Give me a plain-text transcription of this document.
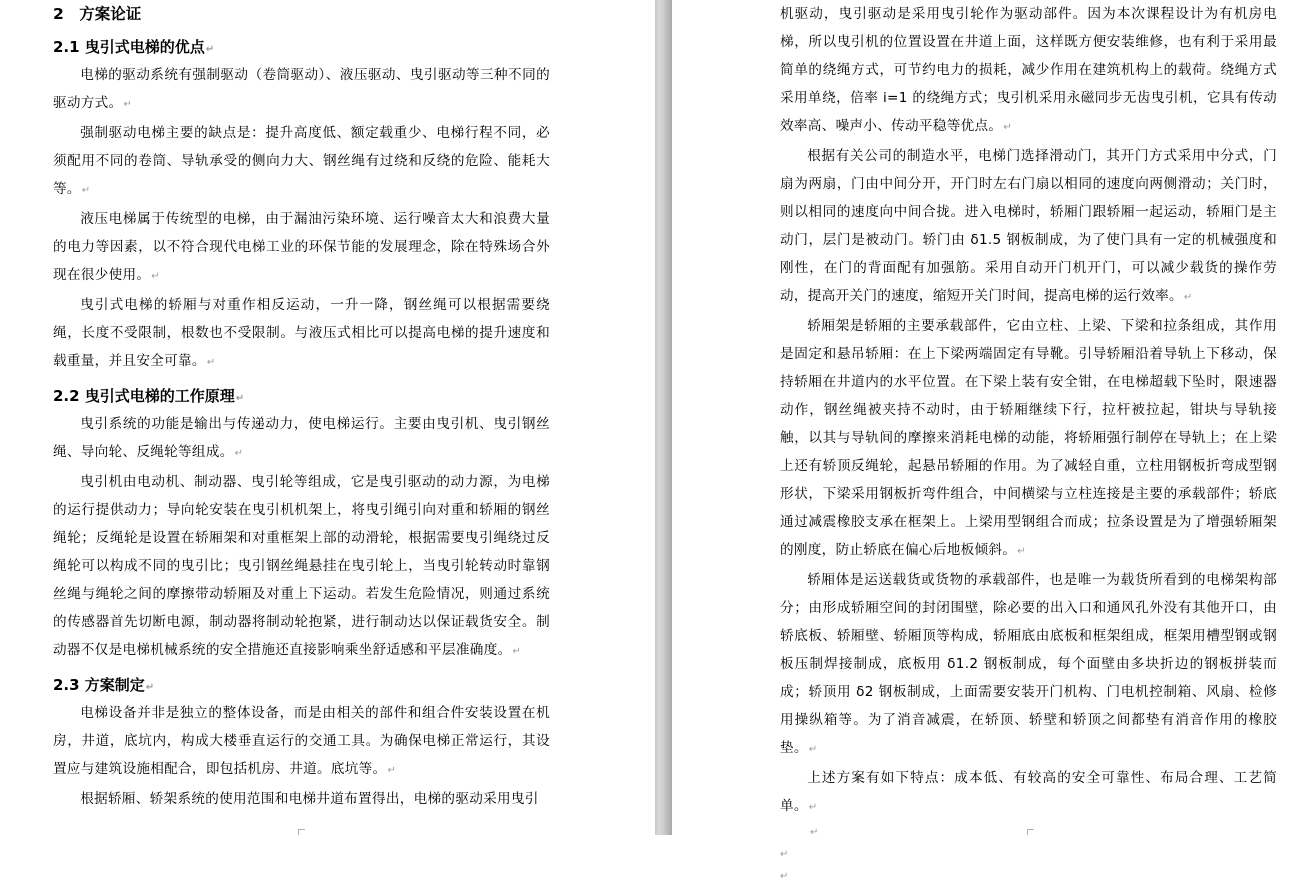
2　方案论证
2.1 曳引式电梯的优点↵

电梯的驱动系统有强制驱动（卷筒驱动）、液压驱动、曳引驱动等三种不同的驱动方式。↵

强制驱动电梯主要的缺点是：提升高度低、额定载重少、电梯行程不同，必须配用不同的卷筒、导轨承受的侧向力大、钢丝绳有过绕和反绕的危险、能耗大等。↵

液压电梯属于传统型的电梯，由于漏油污染环境、运行噪音太大和浪费大量的电力等因素，以不符合现代电梯工业的环保节能的发展理念，除在特殊场合外现在很少使用。↵

曳引式电梯的轿厢与对重作相反运动，一升一降，钢丝绳可以根据需要绕绳，长度不受限制，根数也不受限制。与液压式相比可以提高电梯的提升速度和载重量，并且安全可靠。↵

2.2 曳引式电梯的工作原理↵

曳引系统的功能是输出与传递动力，使电梯运行。主要由曳引机、曳引钢丝绳、导向轮、反绳轮等组成。↵

曳引机由电动机、制动器、曳引轮等组成，它是曳引驱动的动力源，为电梯的运行提供动力；导向轮安装在曳引机机架上，将曳引绳引向对重和轿厢的钢丝绳轮；反绳轮是设置在轿厢架和对重框架上部的动滑轮，根据需要曳引绳绕过反绳轮可以构成不同的曳引比；曳引钢丝绳悬挂在曳引轮上，当曳引轮转动时靠钢丝绳与绳轮之间的摩擦带动轿厢及对重上下运动。若发生危险情况，则通过系统的传感器首先切断电源，制动器将制动轮抱紧，进行制动达以保证载货安全。制动器不仅是电梯机械系统的安全措施还直接影响乘坐舒适感和平层准确度。↵

2.3 方案制定↵

电梯设备并非是独立的整体设备，而是由相关的部件和组合件安装设置在机房，井道，底坑内，构成大楼垂直运行的交通工具。为确保电梯正常运行，其设置应与建筑设施相配合，即包括机房、井道。底坑等。↵

根据轿厢、轿架系统的使用范围和电梯井道布置得出，电梯的驱动采用曳引

机驱动，曳引驱动是采用曳引轮作为驱动部件。因为本次课程设计为有机房电梯，所以曳引机的位置设置在井道上面，这样既方便安装维修，也有利于采用最简单的绕绳方式，可节约电力的损耗，减少作用在建筑机构上的载荷。绕绳方式采用单绕，倍率 i=1 的绕绳方式；曳引机采用永磁同步无齿曳引机，它具有传动效率高、噪声小、传动平稳等优点。↵

根据有关公司的制造水平，电梯门选择滑动门，其开门方式采用中分式，门扇为两扇，门由中间分开，开门时左右门扇以相同的速度向两侧滑动；关门时，则以相同的速度向中间合拢。进入电梯时，轿厢门跟轿厢一起运动，轿厢门是主动门，层门是被动门。轿门由 δ1.5 钢板制成，为了使门具有一定的机械强度和刚性，在门的背面配有加强筋。采用自动开门机开门，可以减少载货的操作劳动，提高开关门的速度，缩短开关门时间，提高电梯的运行效率。↵

轿厢架是轿厢的主要承载部件，它由立柱、上梁、下梁和拉条组成，其作用是固定和悬吊轿厢：在上下梁两端固定有导靴。引导轿厢沿着导轨上下移动，保持轿厢在井道内的水平位置。在下梁上装有安全钳，在电梯超载下坠时，限速器动作，钢丝绳被夹持不动时，由于轿厢继续下行，拉杆被拉起，钳块与导轨接触，以其与导轨间的摩擦来消耗电梯的动能，将轿厢强行制停在导轨上；在上梁上还有轿顶反绳轮，起悬吊轿厢的作用。为了减轻自重，立柱用钢板折弯成型钢形状，下梁采用钢板折弯件组合，中间横梁与立柱连接是主要的承载部件；轿底通过减震橡胶支承在框架上。上梁用型钢组合而成；拉条设置是为了增强轿厢架的刚度，防止轿底在偏心后地板倾斜。↵

轿厢体是运送载货或货物的承载部件，也是唯一为载货所看到的电梯架构部分；由形成轿厢空间的封闭围壁，除必要的出入口和通风孔外没有其他开口，由轿底板、轿厢壁、轿厢顶等构成，轿厢底由底板和框架组成，框架用槽型钢或钢板压制焊接制成，底板用 δ1.2 钢板制成，每个面壁由多块折边的钢板拼装而成；轿顶用 δ2 钢板制成，上面需要安装开门机构、门电机控制箱、风扇、检修用操纵箱等。为了消音减震，在轿顶、轿壁和轿顶之间都垫有消音作用的橡胶垫。↵

上述方案有如下特点：成本低、有较高的安全可靠性、布局合理、工艺简单。↵

↵
↵
↵
